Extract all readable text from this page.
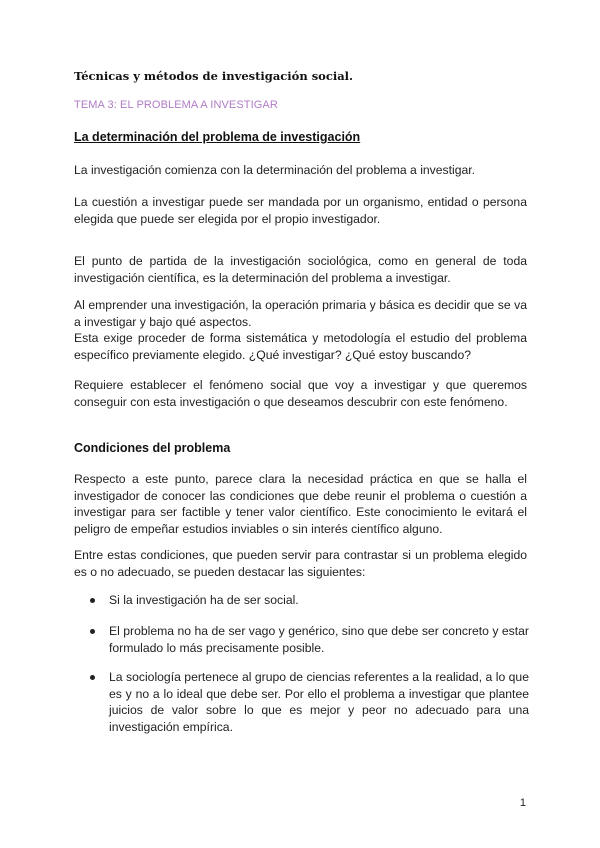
Técnicas y métodos de investigación social.
TEMA 3: EL PROBLEMA A INVESTIGAR
La determinación del problema de investigación

La investigación comienza con la determinación del problema a investigar.

La cuestión a investigar puede ser mandada por un organismo, entidad o persona elegida que puede ser elegida por el propio investigador.

El punto de partida de la investigación sociológica, como en general de toda investigación científica, es la determinación del problema a investigar.

Al emprender una investigación, la operación primaria y básica es decidir que se va a investigar y bajo qué aspectos.

Esta exige proceder de forma sistemática y metodología el estudio del problema específico previamente elegido. ¿Qué investigar? ¿Qué estoy buscando?

Requiere establecer el fenómeno social que voy a investigar y que queremos conseguir con esta investigación o que deseamos descubrir con este fenómeno.

Condiciones del problema

Respecto a este punto, parece clara la necesidad práctica en que se halla el investigador de conocer las condiciones que debe reunir el problema o cuestión a investigar para ser factible y tener valor científico. Este conocimiento le evitará el peligro de empeñar estudios inviables o sin interés científico alguno.

Entre estas condiciones, que pueden servir para contrastar si un problema elegido es o no adecuado, se pueden destacar las siguientes:

Si la investigación ha de ser social.

El problema no ha de ser vago y genérico, sino que debe ser concreto y estar formulado lo más precisamente posible.

La sociología pertenece al grupo de ciencias referentes a la realidad, a lo que es y no a lo ideal que debe ser. Por ello el problema a investigar que plantee juicios de valor sobre lo que es mejor y peor no adecuado para una investigación empírica.

1
